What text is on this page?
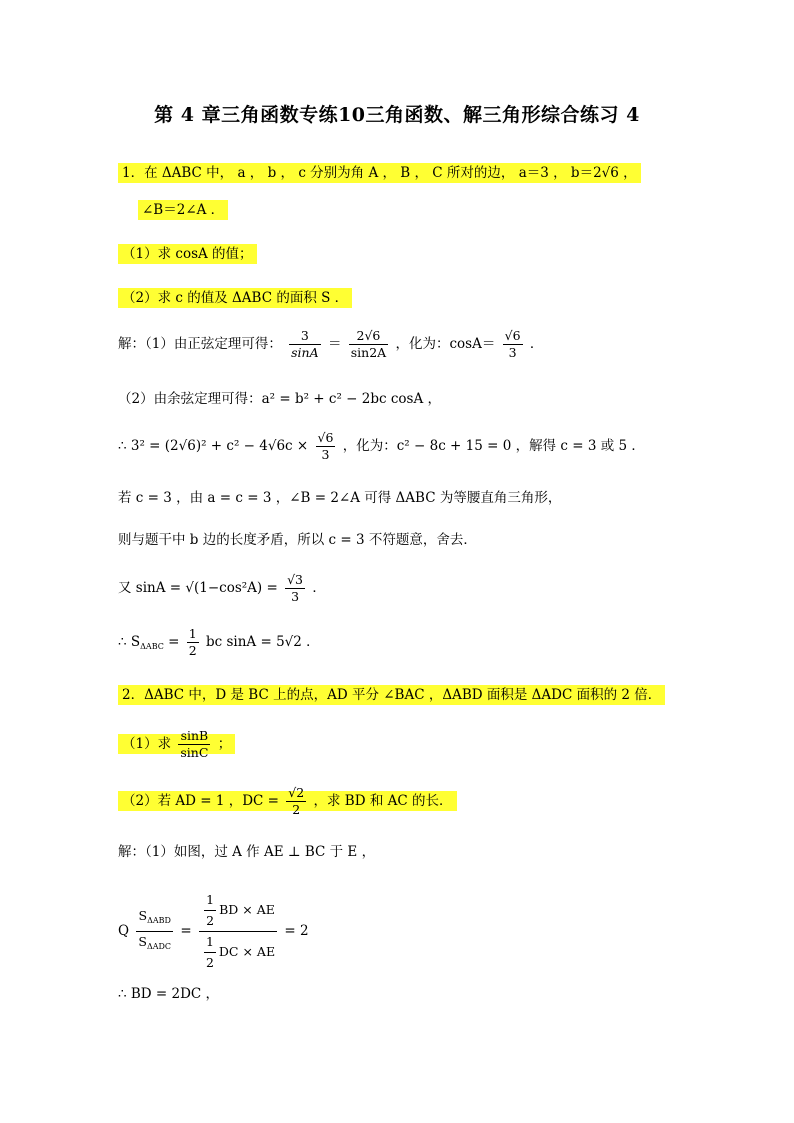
第 4 章三角函数专练10三角函数、解三角形综合练习 4
1．在 ΔABC 中， a ， b ， c 分别为角 A ， B ， C 所对的边， a＝3 ， b＝2√6 ，
∠B＝2∠A ．
（1）求 cosA 的值；
（2）求 c 的值及 ΔABC 的面积 S ．
解：（1）由正弦定理可得： $\frac{3}{\sin A} = \frac{2√6}{\sin 2A}$ ，化为：$\cos A= \frac{√6}{3}$ ．
（2）由余弦定理可得：a² = b² + c² − 2bc cosA ，
∴ $3^2 = (2√6)^2 + c^2 - 4√6c \times \frac{√6}{3}$ ，化为：c² − 8c + 15 = 0 ，解得 c = 3 或 5 ．
若 c = 3 ，由 a = c = 3 ，∠B = 2∠A 可得 ΔABC 为等腰直角三角形，
则与题干中 b 边的长度矛盾，所以 c = 3 不符题意，舍去．
又 $\sin A = √(1-\cos^2A) = \frac{√3}{3}$ ．
∴ $S_{\Delta ABC} = \frac{1}{2}$ bc sinA = 5√2 ．
2．ΔABC 中，D 是 BC 上的点，AD 平分 ∠BAC ，ΔABD 面积是 ΔADC 面积的 2 倍．
（1）求 $\frac{\sin B}{\sin C}$ ；
（2）若 AD = 1 ，DC = $\frac{√2}{2}$ ，求 BD 和 AC 的长．
解：（1）如图，过 A 作 AE ⊥ BC 于 E ，
Q $\frac{S_{\Delta ABD}}{S_{\Delta ADC}} = \frac{\frac{1}{2} BD \times AE}{\frac{1}{2} DC \times AE} = 2$
∴ BD = 2DC ，
